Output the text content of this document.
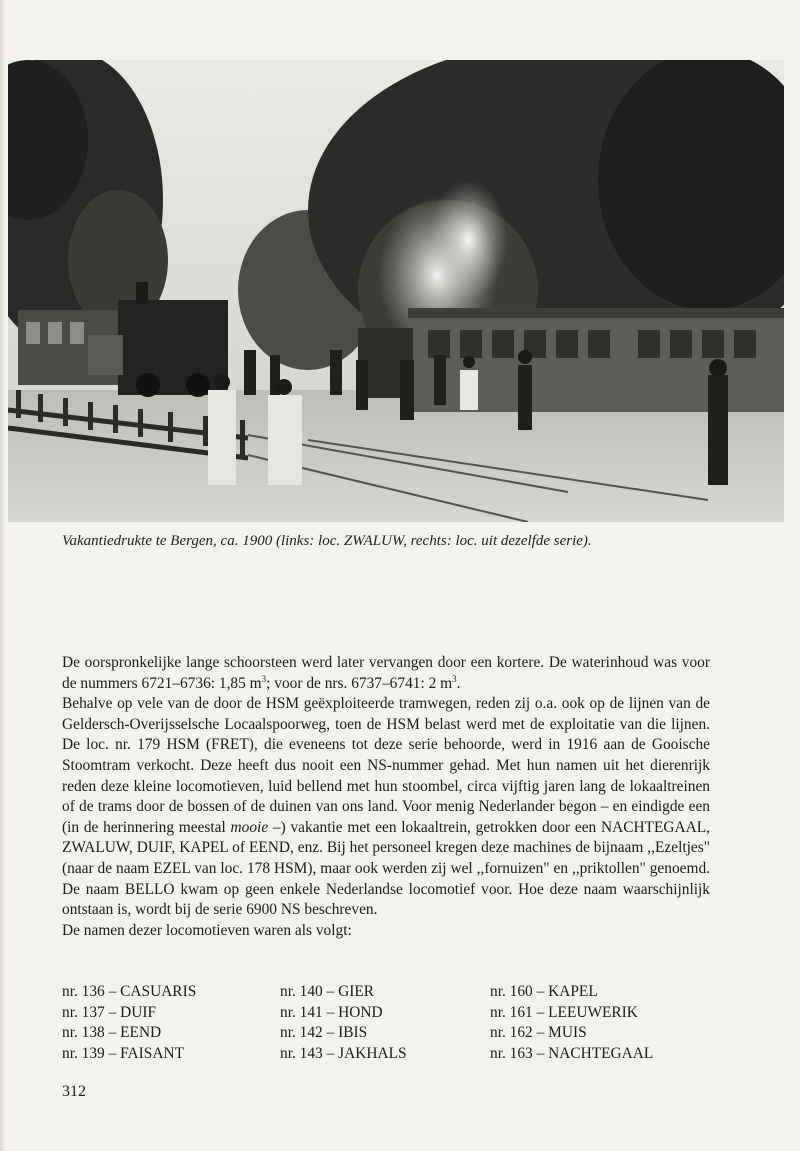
Vakantiedrukte te Bergen, ca. 1900 (links: loc. ZWALUW, rechts: loc. uit dezelfde serie).

De oorspronkelijke lange schoorsteen werd later vervangen door een kortere. De waterinhoud was voor de nummers 6721–6736: 1,85 $m^3$; voor de nrs. 6737–6741: 2 $m^3$.

Behalve op vele van de door de HSM geëxploiteerde tramwegen, reden zij o.a. ook op de lijnen van de Geldersch-Overijsselsche Locaalspoorweg, toen de HSM belast werd met de exploitatie van die lijnen. De loc. nr. 179 HSM (FRET), die eveneens tot deze serie behoorde, werd in 1916 aan de Gooische Stoomtram verkocht. Deze heeft dus nooit een NS-nummer gehad. Met hun namen uit het dierenrijk reden deze kleine locomotieven, luid bellend met hun stoombel, circa vijftig jaren lang de lokaaltreinen of de trams door de bossen of de duinen van ons land. Voor menig Nederlander begon – en eindigde een (in de herinnering meestal mooie –) vakantie met een lokaaltrein, getrokken door een NACHTEGAAL, ZWALUW, DUIF, KAPEL of EEND, enz. Bij het personeel kregen deze machines de bijnaam ,,Ezeltjes" (naar de naam EZEL van loc. 178 HSM), maar ook werden zij wel ,,fornuizen" en ,,priktollen" genoemd. De naam BELLO kwam op geen enkele Nederlandse locomotief voor. Hoe deze naam waarschijnlijk ontstaan is, wordt bij de serie 6900 NS beschreven.

De namen dezer locomotieven waren als volgt:

nr. 136 – CASUARIS
nr. 137 – DUIF
nr. 138 – EEND
nr. 139 – FAISANT
nr. 140 – GIER
nr. 141 – HOND
nr. 142 – IBIS
nr. 143 – JAKHALS
nr. 160 – KAPEL
nr. 161 – LEEUWERIK
nr. 162 – MUIS
nr. 163 – NACHTEGAAL
312
